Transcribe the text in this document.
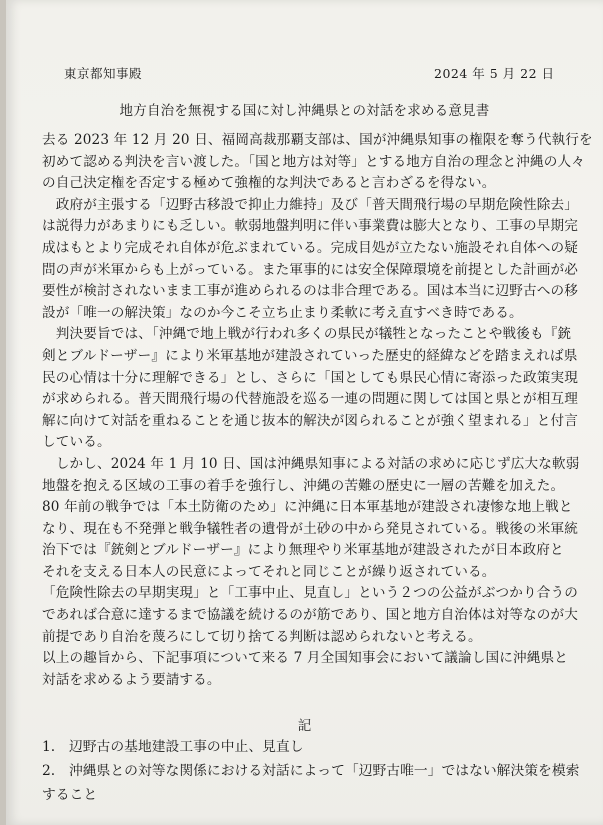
東京都知事殿	2024 年 5 月 22 日
地方自治を無視する国に対し沖縄県との対話を求める意見書
去る 2023 年 12 月 20 日、福岡高裁那覇支部は、国が沖縄県知事の権限を奪う代執行を
初めて認める判決を言い渡した。「国と地方は対等」とする地方自治の理念と沖縄の人々
の自己決定権を否定する極めて強権的な判決であると言わざるを得ない。
　政府が主張する「辺野古移設で抑止力維持」及び「普天間飛行場の早期危険性除去」
は説得力があまりにも乏しい。軟弱地盤判明に伴い事業費は膨大となり、工事の早期完
成はもとより完成それ自体が危ぶまれている。完成目処が立たない施設それ自体への疑
問の声が米軍からも上がっている。また軍事的には安全保障環境を前提とした計画が必
要性が検討されないまま工事が進められるのは非合理である。国は本当に辺野古への移
設が「唯一の解決策」なのか今こそ立ち止まり柔軟に考え直すべき時である。
　判決要旨では、「沖縄で地上戦が行われ多くの県民が犠牲となったことや戦後も『銃
剣とブルドーザー』により米軍基地が建設されていった歴史的経緯などを踏まえれば県
民の心情は十分に理解できる」とし、さらに「国としても県民心情に寄添った政策実現
が求められる。普天間飛行場の代替施設を巡る一連の問題に関しては国と県とが相互理
解に向けて対話を重ねることを通じ抜本的解決が図られることが強く望まれる」と付言
している。
　しかし、2024 年 1 月 10 日、国は沖縄県知事による対話の求めに応じず広大な軟弱
地盤を抱える区域の工事の着手を強行し、沖縄の苦難の歴史に一層の苦難を加えた。
80 年前の戦争では「本土防衛のため」に沖縄に日本軍基地が建設され凄惨な地上戦と
なり、現在も不発弾と戦争犠牲者の遺骨が土砂の中から発見されている。戦後の米軍統
治下では『銃剣とブルドーザー』により無理やり米軍基地が建設されたが日本政府と
それを支える日本人の民意によってそれと同じことが繰り返されている。
「危険性除去の早期実現」と「工事中止、見直し」という２つの公益がぶつかり合うの
であれば合意に達するまで協議を続けるのが筋であり、国と地方自治体は対等なのが大
前提であり自治を蔑ろにして切り捨てる判断は認められないと考える。
以上の趣旨から、下記事項について来る 7 月全国知事会において議論し国に沖縄県と
対話を求めるよう要請する。
記
1.　辺野古の基地建設工事の中止、見直し
2.　沖縄県との対等な関係における対話によって「辺野古唯一」ではない解決策を模索
すること
